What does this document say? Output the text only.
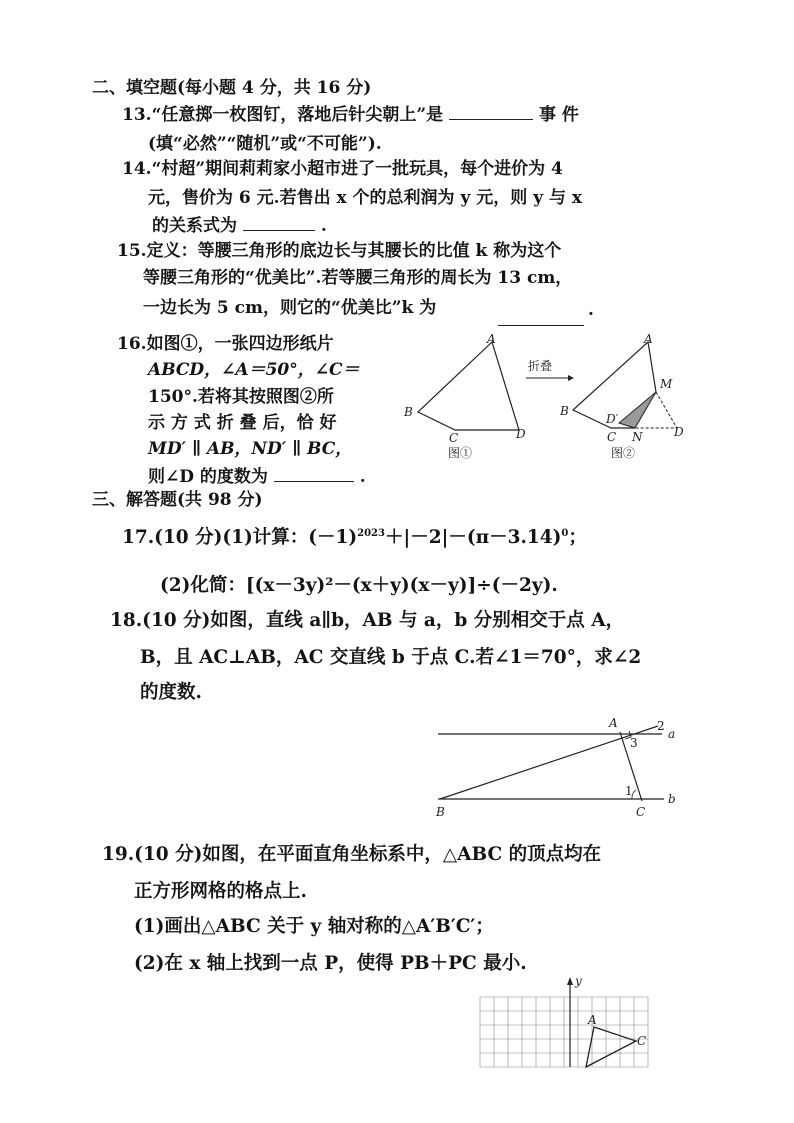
二、填空题(每小题 4 分，共 16 分)
13.“任意掷一枚图钉，落地后针尖朝上”是	事 件
(填“必然”“随机”或“不可能”).
14.“村超”期间莉莉家小超市进了一批玩具，每个进价为 4
元，售价为 6 元.若售出 x 个的总利润为 y 元，则 y 与 x
的关系式为	.
15.定义：等腰三角形的底边长与其腰长的比值 k 称为这个
等腰三角形的“优美比”.若等腰三角形的周长为 13 cm，
一边长为 5 cm，则它的“优美比”k 为	.
16.如图①，一张四边形纸片
ABCD，∠A＝50°，∠C＝
150°.若将其按照图②所
示 方 式 折 叠 后，恰 好
MD′ ∥ AB，ND′ ∥ BC，
则∠D 的度数为	.
A
B
C	D
图①
折叠
A
B
C N
M
D′
D
图②
三、解答题(共 98 分)
17.(10 分)(1)计算：$(-1)^{2023}+|-2|-(\pi-3.14)^0$；
(2)化简：[(x－3y)²－(x＋y)(x－y)]÷(－2y).
18.(10 分)如图，直线 a∥b，AB 与 a，b 分别相交于点 A，
B，且 AC⊥AB，AC 交直线 b 于点 C.若∠1＝70°，求∠2
的度数.
A
B	C
a
b
1
2
3
19.(10 分)如图，在平面直角坐标系中，△ABC 的顶点均在
正方形网格的格点上.
(1)画出△ABC 关于 y 轴对称的△A′B′C′；
(2)在 x 轴上找到一点 P，使得 PB＋PC 最小.
y
A
C
